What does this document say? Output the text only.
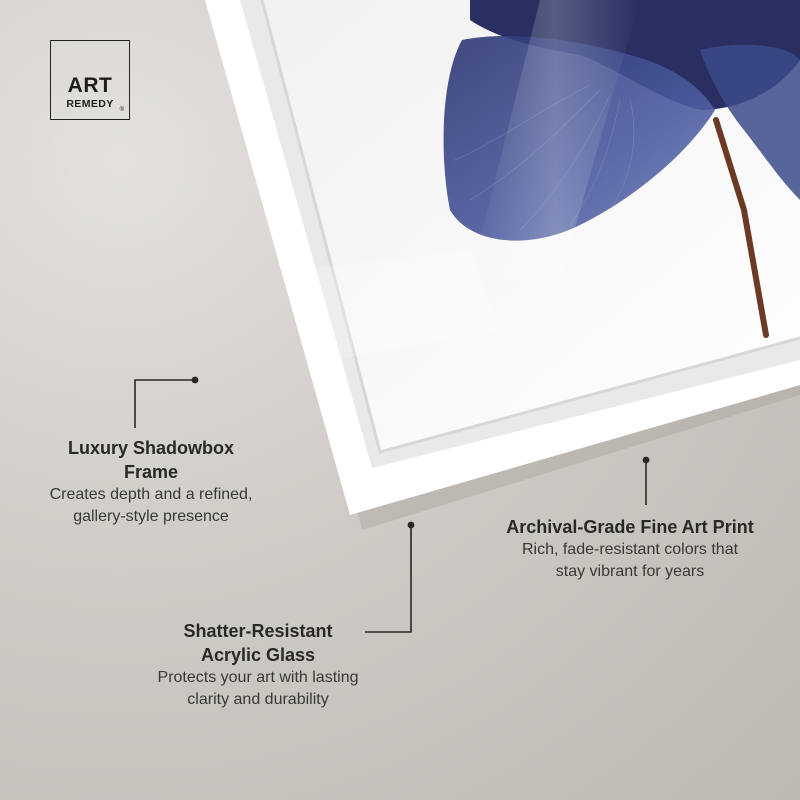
ART
REMEDY ®
Luxury Shadowbox
Frame
Creates depth and a refined,
gallery-style presence
Archival-Grade Fine Art Print
Rich, fade-resistant colors that
stay vibrant for years
Shatter-Resistant
Acrylic Glass
Protects your art with lasting
clarity and durability
